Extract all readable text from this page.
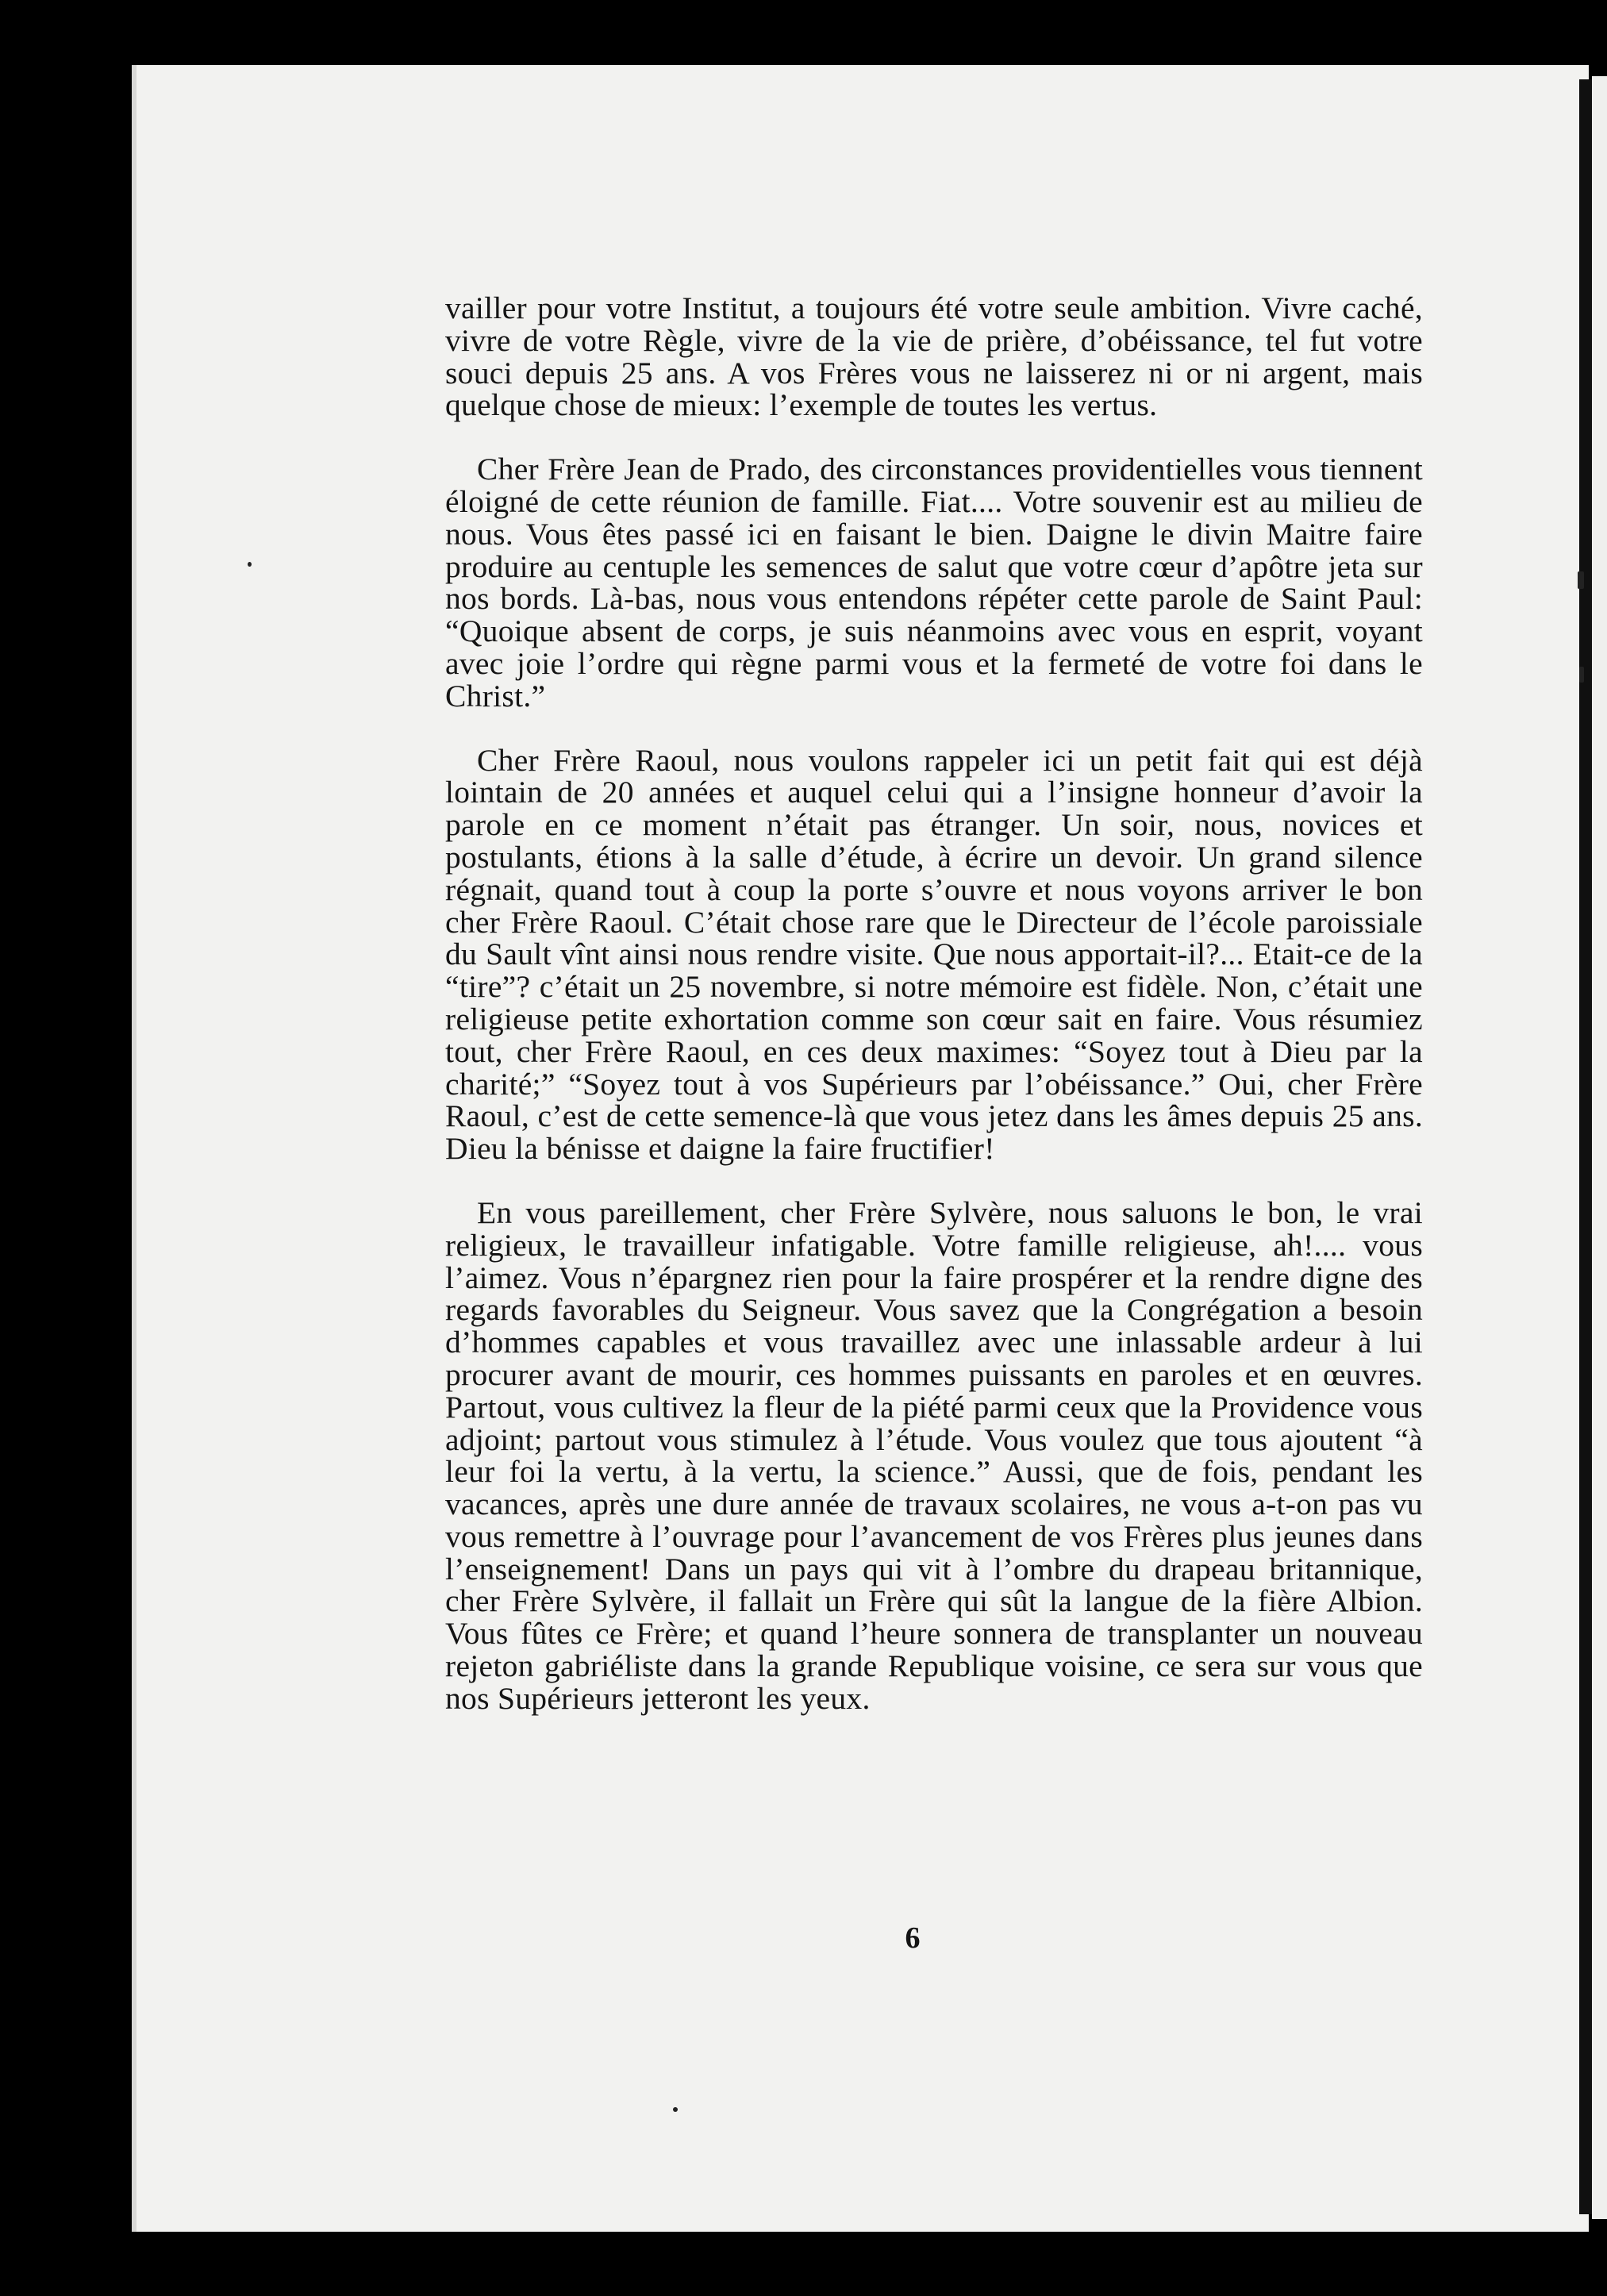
vailler pour votre Institut, a toujours été votre seule ambition. Vivre caché, vivre de votre Règle, vivre de la vie de prière, d’obéissance, tel fut votre souci depuis 25 ans. A vos Frères vous ne laisserez ni or ni argent, mais quelque chose de mieux: l’exemple de toutes les vertus.

Cher Frère Jean de Prado, des circonstances providentielles vous tiennent éloigné de cette réunion de famille. Fiat.... Votre souvenir est au milieu de nous. Vous êtes passé ici en faisant le bien. Daigne le divin Maitre faire produire au centuple les semences de salut que votre cœur d’apôtre jeta sur nos bords. Là-bas, nous vous entendons répéter cette parole de Saint Paul: “Quoique absent de corps, je suis néanmoins avec vous en esprit, voyant avec joie l’ordre qui règne parmi vous et la fermeté de votre foi dans le Christ.”

Cher Frère Raoul, nous voulons rappeler ici un petit fait qui est déjà lointain de 20 années et auquel celui qui a l’insigne honneur d’avoir la parole en ce moment n’était pas étranger. Un soir, nous, novices et postulants, étions à la salle d’étude, à écrire un devoir. Un grand silence régnait, quand tout à coup la porte s’ouvre et nous voyons arriver le bon cher Frère Raoul. C’était chose rare que le Directeur de l’école paroissiale du Sault vînt ainsi nous rendre visite. Que nous apportait-il?... Etait-ce de la “tire”? c’était un 25 novembre, si notre mémoire est fidèle. Non, c’était une religieuse petite exhortation comme son cœur sait en faire. Vous résumiez tout, cher Frère Raoul, en ces deux maximes: “Soyez tout à Dieu par la charité;” “Soyez tout à vos Supérieurs par l’obéissance.” Oui, cher Frère Raoul, c’est de cette semence-là que vous jetez dans les âmes depuis 25 ans. Dieu la bénisse et daigne la faire fructifier!

En vous pareillement, cher Frère Sylvère, nous saluons le bon, le vrai religieux, le travailleur infatigable. Votre famille religieuse, ah!.... vous l’aimez. Vous n’épargnez rien pour la faire prospérer et la rendre digne des regards favorables du Seigneur. Vous savez que la Congrégation a besoin d’hommes capables et vous travaillez avec une inlassable ardeur à lui procurer avant de mourir, ces hommes puissants en paroles et en œuvres. Partout, vous cultivez la fleur de la piété parmi ceux que la Providence vous adjoint; partout vous stimulez à l’étude. Vous voulez que tous ajoutent “à leur foi la vertu, à la vertu, la science.” Aussi, que de fois, pendant les vacances, après une dure année de travaux scolaires, ne vous a-t-on pas vu vous remettre à l’ouvrage pour l’avancement de vos Frères plus jeunes dans l’enseignement! Dans un pays qui vit à l’ombre du drapeau britannique, cher Frère Sylvère, il fallait un Frère qui sût la langue de la fière Albion. Vous fûtes ce Frère; et quand l’heure sonnera de transplanter un nouveau rejeton gabriéliste dans la grande Republique voisine, ce sera sur vous que nos Supérieurs jetteront les yeux.

6
